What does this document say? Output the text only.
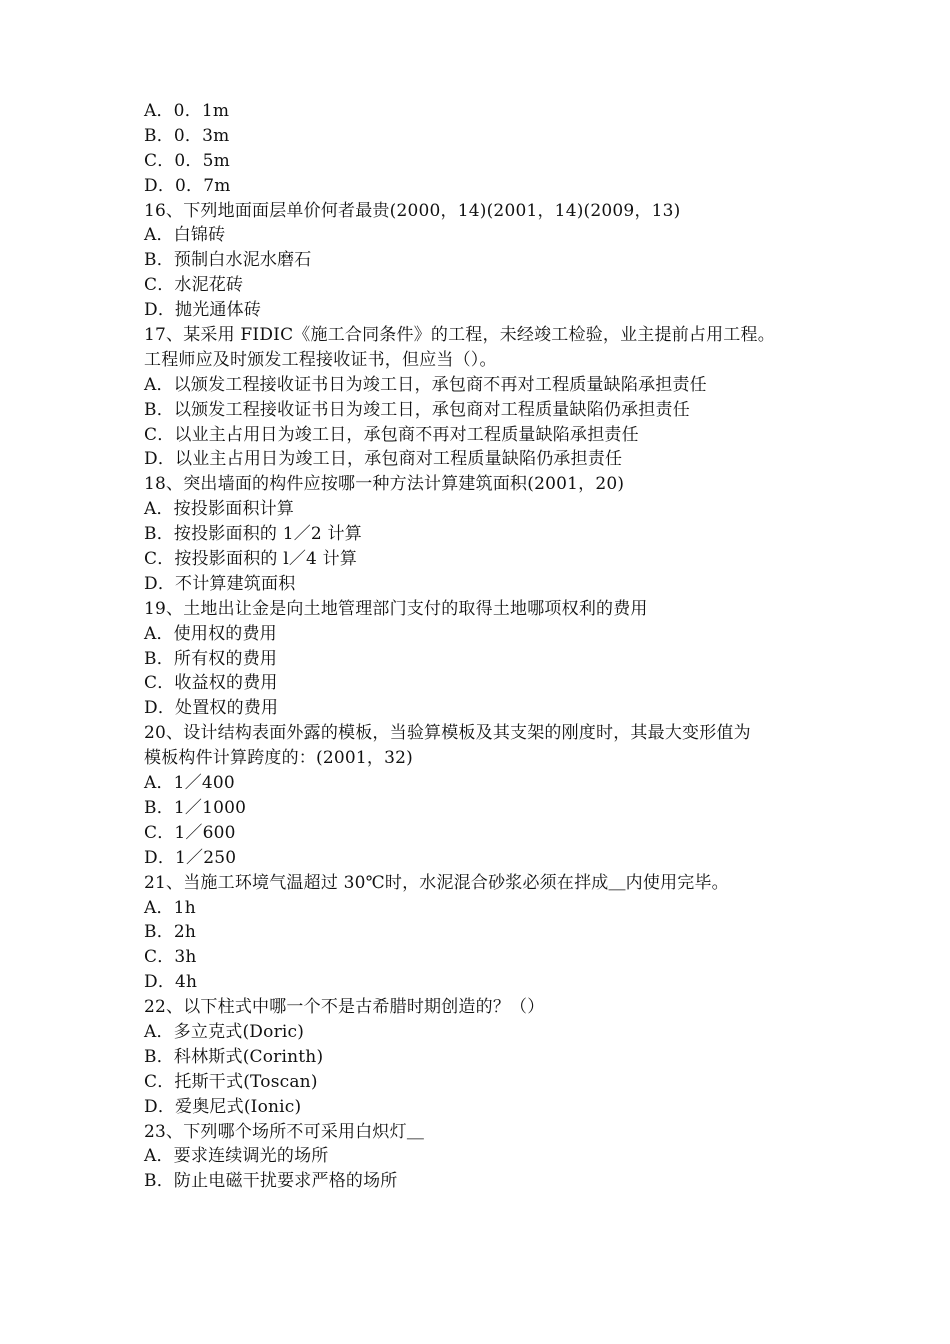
A．0．1m
B．0．3m
C．0．5m
D．0．7m
16、下列地面面层单价何者最贵(2000，14)(2001，14)(2009，13)
A．白锦砖
B．预制白水泥水磨石
C．水泥花砖
D．抛光通体砖
17、某采用 FIDIC《施工合同条件》的工程，未经竣工检验，业主提前占用工程。
工程师应及时颁发工程接收证书，但应当（）。
A．以颁发工程接收证书日为竣工日，承包商不再对工程质量缺陷承担责任
B．以颁发工程接收证书日为竣工日，承包商对工程质量缺陷仍承担责任
C．以业主占用日为竣工日，承包商不再对工程质量缺陷承担责任
D．以业主占用日为竣工日，承包商对工程质量缺陷仍承担责任
18、突出墙面的构件应按哪一种方法计算建筑面积(2001，20)
A．按投影面积计算
B．按投影面积的 1／2 计算
C．按投影面积的 l／4 计算
D．不计算建筑面积
19、土地出让金是向土地管理部门支付的取得土地哪项权利的费用
A．使用权的费用
B．所有权的费用
C．收益权的费用
D．处置权的费用
20、设计结构表面外露的模板，当验算模板及其支架的刚度时，其最大变形值为
模板构件计算跨度的：(2001，32)
A．1／400
B．1／1000
C．1／600
D．1／250
21、当施工环境气温超过 30℃时，水泥混合砂浆必须在拌成＿内使用完毕。
A．1h
B．2h
C．3h
D．4h
22、以下柱式中哪一个不是古希腊时期创造的？（）
A．多立克式(Doric)
B．科林斯式(Corinth)
C．托斯干式(Toscan)
D．爱奥尼式(Ionic)
23、下列哪个场所不可采用白炽灯＿
A．要求连续调光的场所
B．防止电磁干扰要求严格的场所
